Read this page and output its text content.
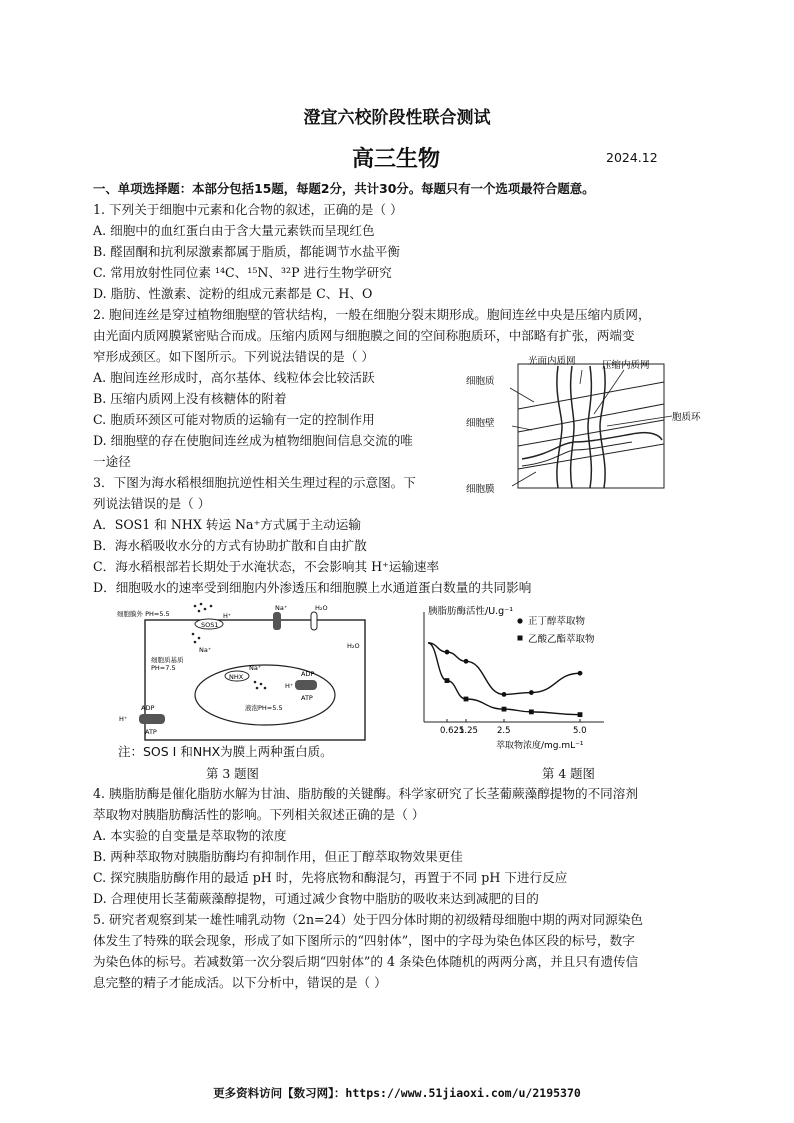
澄宜六校阶段性联合测试
高三生物	2024.12
一、单项选择题：本部分包括15题，每题2分，共计30分。每题只有一个选项最符合题意。
1. 下列关于细胞中元素和化合物的叙述，正确的是（ ）
A. 细胞中的血红蛋白由于含大量元素铁而呈现红色
B. 醛固酮和抗利尿激素都属于脂质，都能调节水盐平衡
C. 常用放射性同位素 ¹⁴C、¹⁵N、³²P 进行生物学研究
D. 脂肪、性激素、淀粉的组成元素都是 C、H、O
2. 胞间连丝是穿过植物细胞壁的管状结构，一般在细胞分裂末期形成。胞间连丝中央是压缩内质网，
由光面内质网膜紧密贴合而成。压缩内质网与细胞膜之间的空间称胞质环，中部略有扩张，两端变
窄形成颈区。如下图所示。下列说法错误的是（ ）
A. 胞间连丝形成时，高尔基体、线粒体会比较活跃
B. 压缩内质网上没有核糖体的附着
C. 胞质环颈区可能对物质的运输有一定的控制作用
D. 细胞壁的存在使胞间连丝成为植物细胞间信息交流的唯
一途径
光面内质网	压缩内质网
胞质环
细胞质
细胞壁
细胞膜
3．下图为海水稻根细胞抗逆性相关生理过程的示意图。下
列说法错误的是（ ）
A．SOS1 和 NHX 转运 Na⁺方式属于主动运输
B．海水稻吸收水分的方式有协助扩散和自由扩散
C．海水稻根部若长期处于水淹状态，不会影响其 H⁺运输速率
D．细胞吸水的速率受到细胞内外渗透压和细胞膜上水通道蛋白数量的共同影响
SOS1
NHX
细胞膜外 PH=5.5
细胞质基质
PH=7.5
液泡PH=5.5
H⁺
Na⁺	H₂O
H₂O
Na⁺
Na⁺
ADP
ATP
ADP
ATP
H⁺
H⁺
注：SOS I 和NHX为膜上两种蛋白质。
第 3 题图
胰脂肪酶活性/U.g⁻¹
萃取物浓度/mg.mL⁻¹
0.625
1.25 2.5	5.0
正丁醇萃取物
乙酸乙酯萃取物
第 4 题图
4. 胰脂肪酶是催化脂肪水解为甘油、脂肪酸的关键酶。科学家研究了长茎葡蕨藻醇提物的不同溶剂
萃取物对胰脂肪酶活性的影响。下列相关叙述正确的是（ ）
A. 本实验的自变量是萃取物的浓度
B. 两种萃取物对胰脂肪酶均有抑制作用，但正丁醇萃取物效果更佳
C. 探究胰脂肪酶作用的最适 pH 时，先将底物和酶混匀，再置于不同 pH 下进行反应
D. 合理使用长茎葡蕨藻醇提物，可通过减少食物中脂肪的吸收来达到减肥的目的
5. 研究者观察到某一雄性哺乳动物（2n=24）处于四分体时期的初级精母细胞中期的两对同源染色
体发生了特殊的联会现象，形成了如下图所示的“四射体”，图中的字母为染色体区段的标号，数字
为染色体的标号。若减数第一次分裂后期“四射体”的 4 条染色体随机的两两分离，并且只有遗传信
息完整的精子才能成活。以下分析中，错误的是（ ）
更多资料访问【数习网】：https://www.51jiaoxi.com/u/2195370
